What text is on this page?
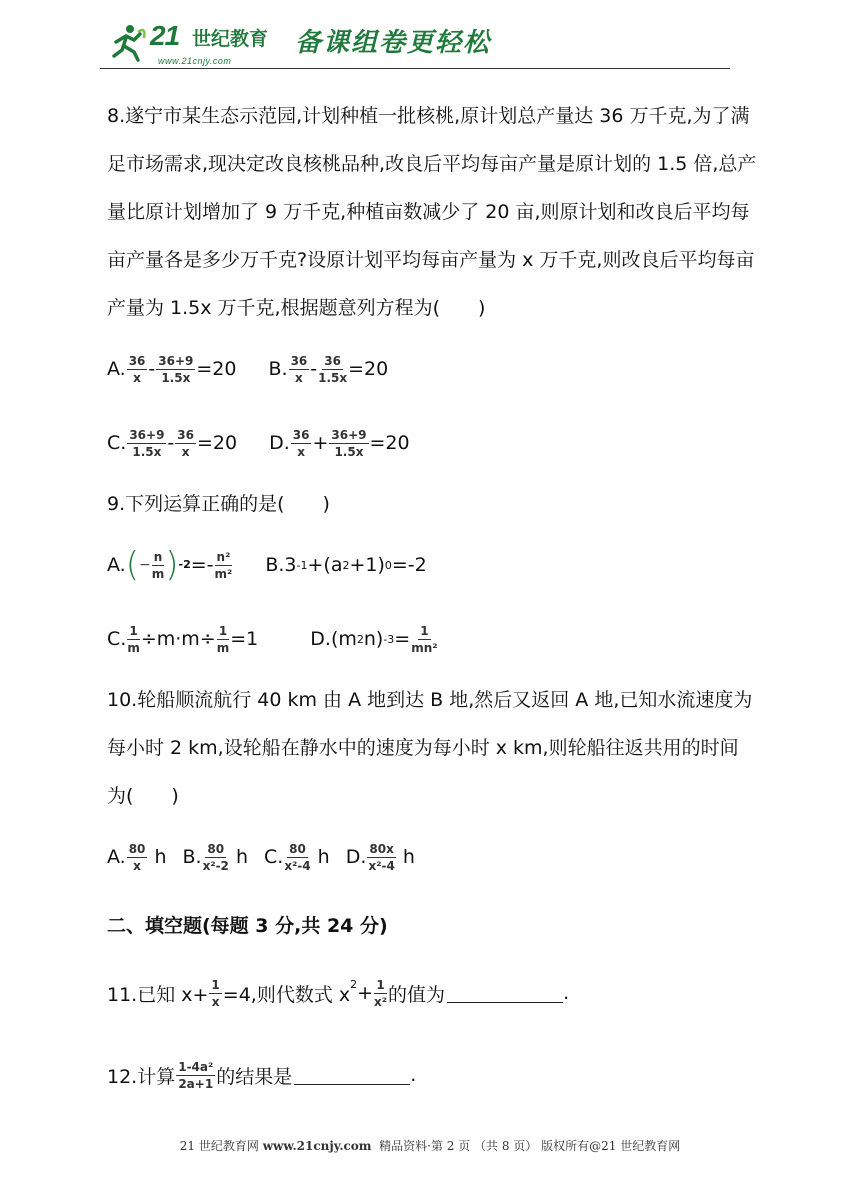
21 世纪教育
www.21cnjy.com
备课组卷更轻松

8.遂宁市某生态示范园,计划种植一批核桃,原计划总产量达 36 万千克,为了满足市场需求,现决定改良核桃品种,改良后平均每亩产量是原计划的 1.5 倍,总产量比原计划增加了 9 万千克,种植亩数减少了 20 亩,则原计划和改良后平均每亩产量各是多少万千克?设原计划平均每亩产量为 x 万千克,则改良后平均每亩产量为 1.5x 万千克,根据题意列方程为(　　)

A. $\frac{36}{x} - \frac{36+9}{1.5x} =20$ B. $\frac{36}{x} - \frac{36}{1.5x} =20$
C. $\frac{36+9}{1.5x} - \frac{36}{x} =20$ D. $\frac{36}{x} + \frac{36+9}{1.5x} =20$

9.下列运算正确的是(　　)

A. ( − $\frac{n}{m}$ ) $-2 =- \frac{\text{n²}}{\text{m²}} B$. 3 -1 +(a 2 +1) 0 =-2
C. $\frac{1}{m} \div m\cdot m\div \frac{1}{m} =1$	D. (m 2 n) $-3 = \frac{1}{\text{mn²}}$

10.轮船顺流航行 40 km 由 A 地到达 B 地,然后又返回 A 地,已知水流速度为每小时 2 km,设轮船在静水中的速度为每小时 x km,则轮船往返共用的时间为(　　)

A. $\frac{80}{x}$ h B. $\frac{80}{\text{x²-2}}$ h C. $\frac{80}{\text{x²-4}}$ h D. $\frac{80x}{\text{x²-4}}$ h

二、填空题(每题 3 分,共 24 分)

11.已知 $x+ \frac{1}{x} =4$,则代数式 $x^2 + \frac{1}{\text{x²}}$ 的值为	.
12.计算 $\frac{\text{1-4a²}}{2a+1}$ 的结果是	.
21 世纪教育网 www.21cnjy.com  精品资料·第 2 页 （共 8 页） 版权所有@21 世纪教育网
